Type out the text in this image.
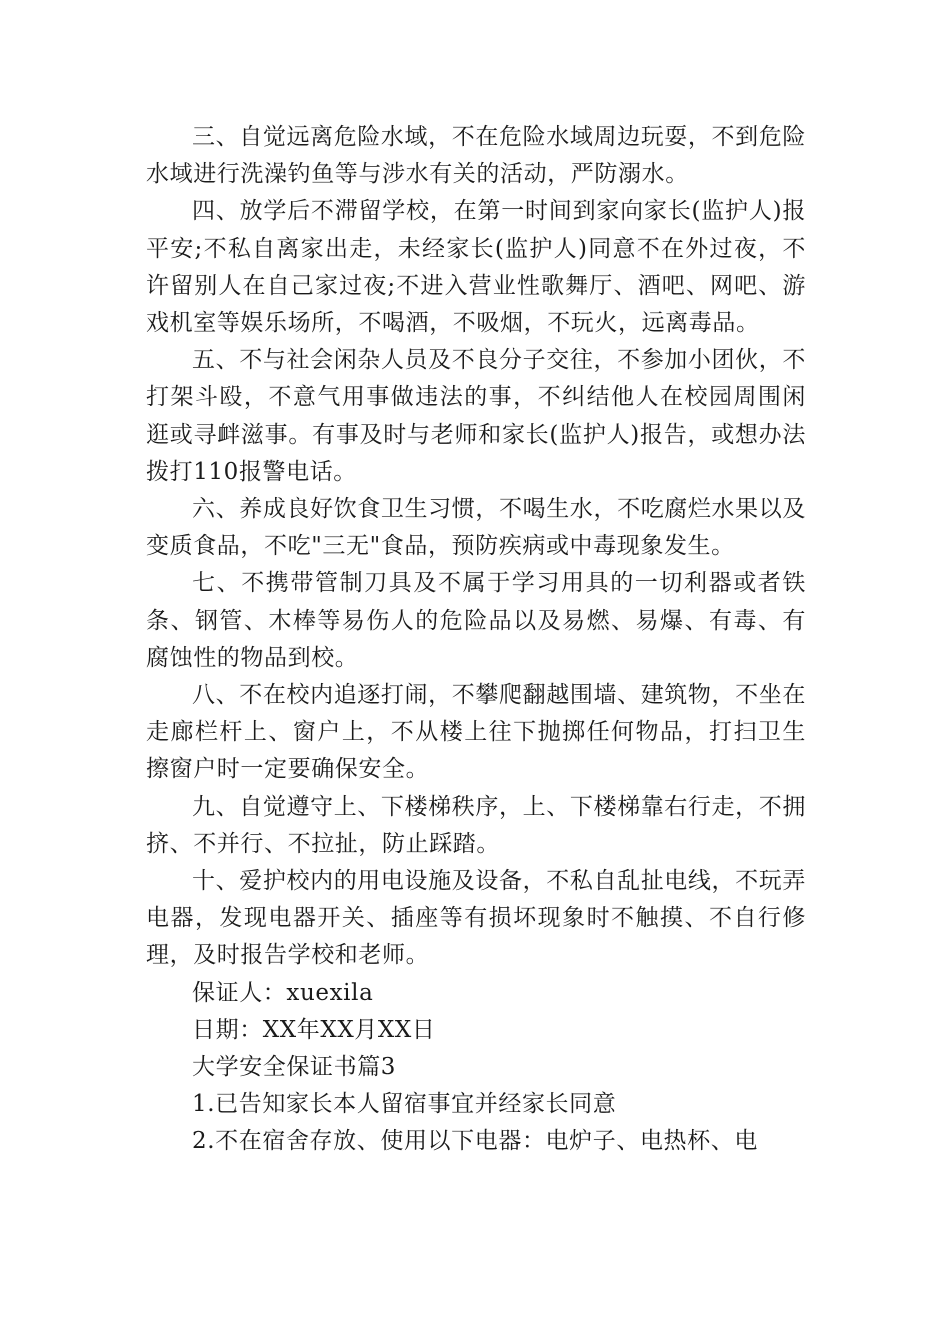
三、自觉远离危险水域，不在危险水域周边玩耍，不到危险水域进行洗澡钓鱼等与涉水有关的活动，严防溺水。

四、放学后不滞留学校，在第一时间到家向家长(监护人)报平安;不私自离家出走，未经家长(监护人)同意不在外过夜，不许留别人在自己家过夜;不进入营业性歌舞厅、酒吧、网吧、游戏机室等娱乐场所，不喝酒，不吸烟，不玩火，远离毒品。

五、不与社会闲杂人员及不良分子交往，不参加小团伙，不打架斗殴，不意气用事做违法的事，不纠结他人在校园周围闲逛或寻衅滋事。有事及时与老师和家长(监护人)报告，或想办法拨打110报警电话。

六、养成良好饮食卫生习惯，不喝生水，不吃腐烂水果以及变质食品，不吃"三无"食品，预防疾病或中毒现象发生。

七、不携带管制刀具及不属于学习用具的一切利器或者铁条、钢管、木棒等易伤人的危险品以及易燃、易爆、有毒、有腐蚀性的物品到校。

八、不在校内追逐打闹，不攀爬翻越围墙、建筑物，不坐在走廊栏杆上、窗户上，不从楼上往下抛掷任何物品，打扫卫生擦窗户时一定要确保安全。

九、自觉遵守上、下楼梯秩序，上、下楼梯靠右行走，不拥挤、不并行、不拉扯，防止踩踏。

十、爱护校内的用电设施及设备，不私自乱扯电线，不玩弄电器，发现电器开关、插座等有损坏现象时不触摸、不自行修理，及时报告学校和老师。

保证人：xuexila

日期：XX年XX月XX日

大学安全保证书篇3

1.已告知家长本人留宿事宜并经家长同意

2.不在宿舍存放、使用以下电器：电炉子、电热杯、电
